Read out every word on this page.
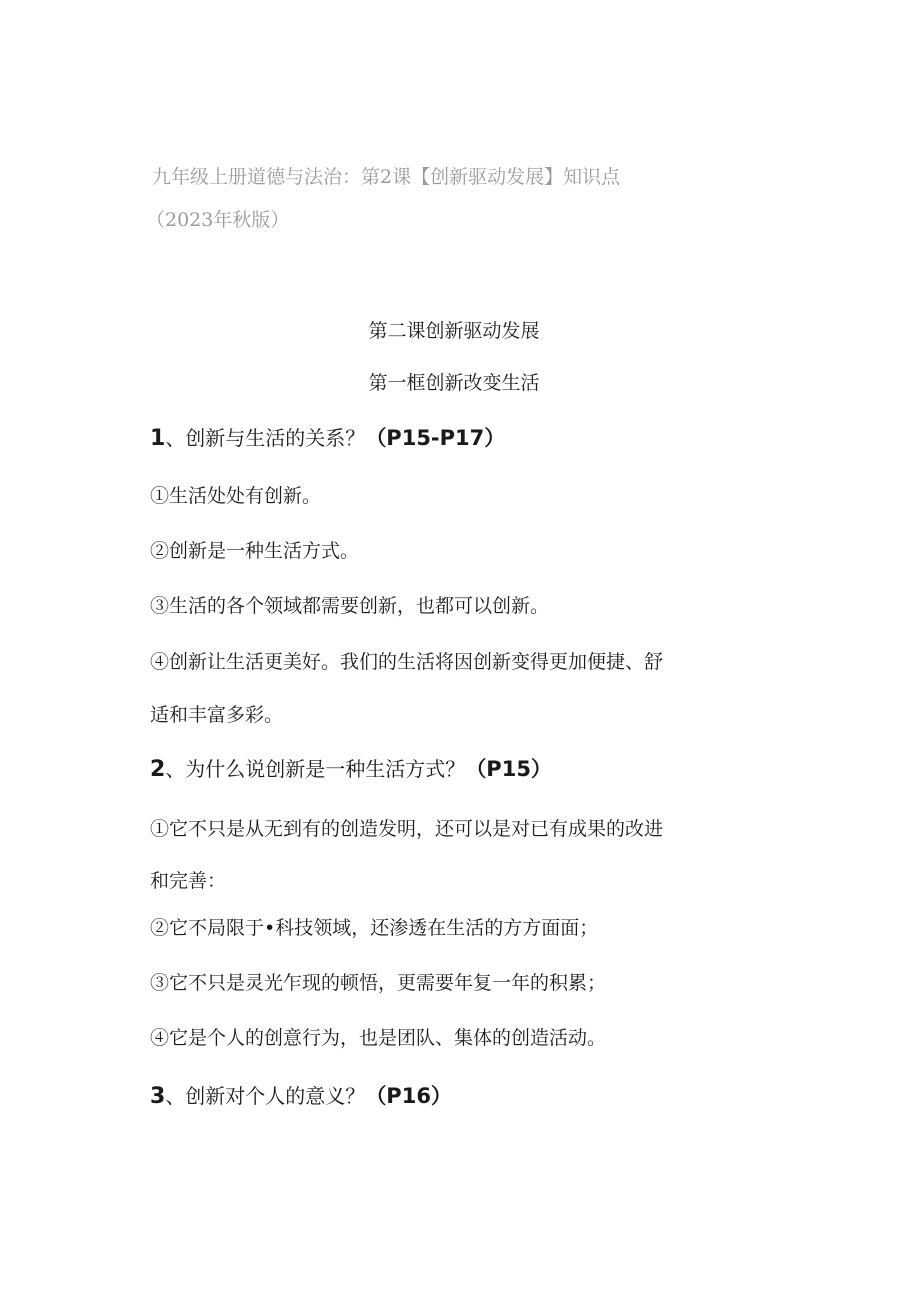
九年级上册道德与法治：第2课【创新驱动发展】知识点
（2023年秋版）
第二课创新驱动发展
第一框创新改变生活
1、创新与生活的关系？（P15-P17）
①生活处处有创新。
②创新是一种生活方式。
③生活的各个领域都需要创新，也都可以创新。
④创新让生活更美好。我们的生活将因创新变得更加便捷、舒
适和丰富多彩。
2、为什么说创新是一种生活方式？（P15）
①它不只是从无到有的创造发明，还可以是对已有成果的改进
和完善：
②它不局限于•科技领域，还渗透在生活的方方面面；
③它不只是灵光乍现的顿悟，更需要年复一年的积累；
④它是个人的创意行为，也是团队、集体的创造活动。
3、创新对个人的意义？（P16）
